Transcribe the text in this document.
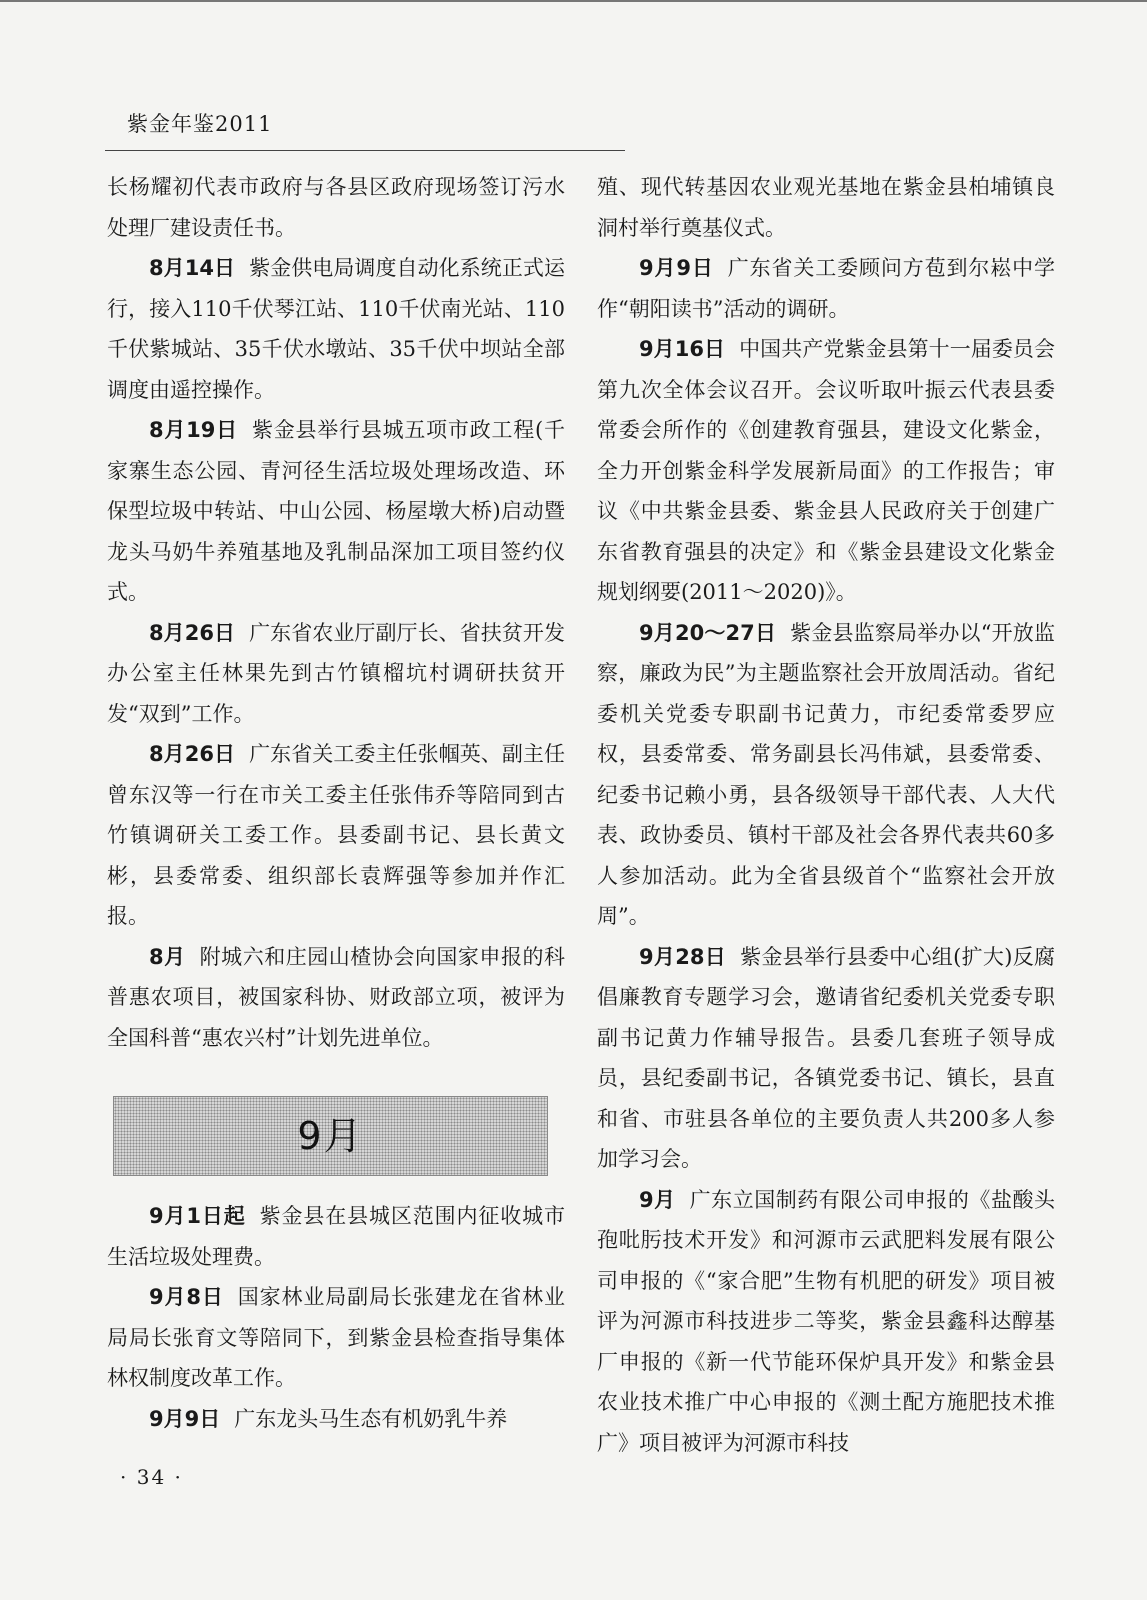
紫金年鉴2011

长杨耀初代表市政府与各县区政府现场签订污水处理厂建设责任书。

8月14日 紫金供电局调度自动化系统正式运行，接入110千伏琴江站、110千伏南光站、110千伏紫城站、35千伏水墩站、35千伏中坝站全部调度由遥控操作。

8月19日 紫金县举行县城五项市政工程(千家寨生态公园、青河径生活垃圾处理场改造、环保型垃圾中转站、中山公园、杨屋墩大桥)启动暨龙头马奶牛养殖基地及乳制品深加工项目签约仪式。

8月26日 广东省农业厅副厅长、省扶贫开发办公室主任林果先到古竹镇榴坑村调研扶贫开发“双到”工作。

8月26日 广东省关工委主任张帼英、副主任曾东汉等一行在市关工委主任张伟乔等陪同到古竹镇调研关工委工作。县委副书记、县长黄文彬，县委常委、组织部长袁辉强等参加并作汇报。

8月 附城六和庄园山楂协会向国家申报的科普惠农项目，被国家科协、财政部立项，被评为全国科普“惠农兴村”计划先进单位。

9月

9月1日起 紫金县在县城区范围内征收城市生活垃圾处理费。

9月8日 国家林业局副局长张建龙在省林业局局长张育文等陪同下，到紫金县检查指导集体林权制度改革工作。

9月9日 广东龙头马生态有机奶乳牛养

殖、现代转基因农业观光基地在紫金县柏埔镇良洞村举行奠基仪式。

9月9日 广东省关工委顾问方苞到尔崧中学作“朝阳读书”活动的调研。

9月16日 中国共产党紫金县第十一届委员会第九次全体会议召开。会议听取叶振云代表县委常委会所作的《创建教育强县，建设文化紫金，全力开创紫金科学发展新局面》的工作报告；审议《中共紫金县委、紫金县人民政府关于创建广东省教育强县的决定》和《紫金县建设文化紫金规划纲要(2011～2020)》。

9月20～27日 紫金县监察局举办以“开放监察，廉政为民”为主题监察社会开放周活动。省纪委机关党委专职副书记黄力，市纪委常委罗应权，县委常委、常务副县长冯伟斌，县委常委、纪委书记赖小勇，县各级领导干部代表、人大代表、政协委员、镇村干部及社会各界代表共60多人参加活动。此为全省县级首个“监察社会开放周”。

9月28日 紫金县举行县委中心组(扩大)反腐倡廉教育专题学习会，邀请省纪委机关党委专职副书记黄力作辅导报告。县委几套班子领导成员，县纪委副书记，各镇党委书记、镇长，县直和省、市驻县各单位的主要负责人共200多人参加学习会。

9月 广东立国制药有限公司申报的《盐酸头孢吡肟技术开发》和河源市云武肥料发展有限公司申报的《“家合肥”生物有机肥的研发》项目被评为河源市科技进步二等奖，紫金县鑫科达醇基厂申报的《新一代节能环保炉具开发》和紫金县农业技术推广中心申报的《测土配方施肥技术推广》项目被评为河源市科技

· 34 ·
